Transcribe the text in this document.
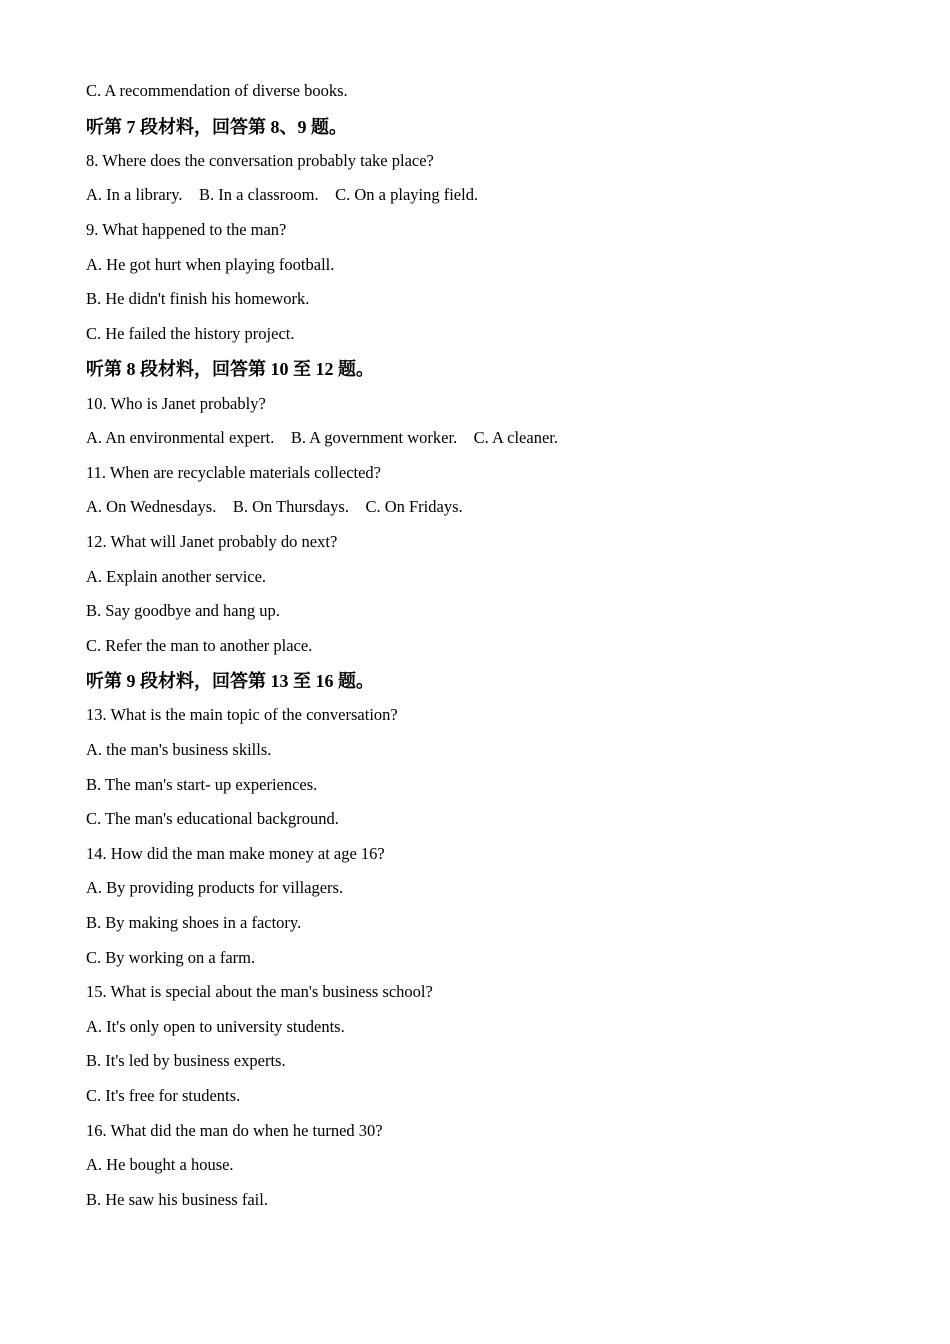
C. A recommendation of diverse books.
听第 7 段材料，回答第 8、9 题。
8. Where does the conversation probably take place?
A. In a library.    B. In a classroom.    C. On a playing field.
9. What happened to the man?
A. He got hurt when playing football.
B. He didn't finish his homework.
C. He failed the history project.
听第 8 段材料，回答第 10 至 12 题。
10. Who is Janet probably?
A. An environmental expert.    B. A government worker.    C. A cleaner.
11. When are recyclable materials collected?
A. On Wednesdays.    B. On Thursdays.    C. On Fridays.
12. What will Janet probably do next?
A. Explain another service.
B. Say goodbye and hang up.
C. Refer the man to another place.
听第 9 段材料，回答第 13 至 16 题。
13. What is the main topic of the conversation?
A. the man's business skills.
B. The man's start- up experiences.
C. The man's educational background.
14. How did the man make money at age 16?
A. By providing products for villagers.
B. By making shoes in a factory.
C. By working on a farm.
15. What is special about the man's business school?
A. It's only open to university students.
B. It's led by business experts.
C. It's free for students.
16. What did the man do when he turned 30?
A. He bought a house.
B. He saw his business fail.
